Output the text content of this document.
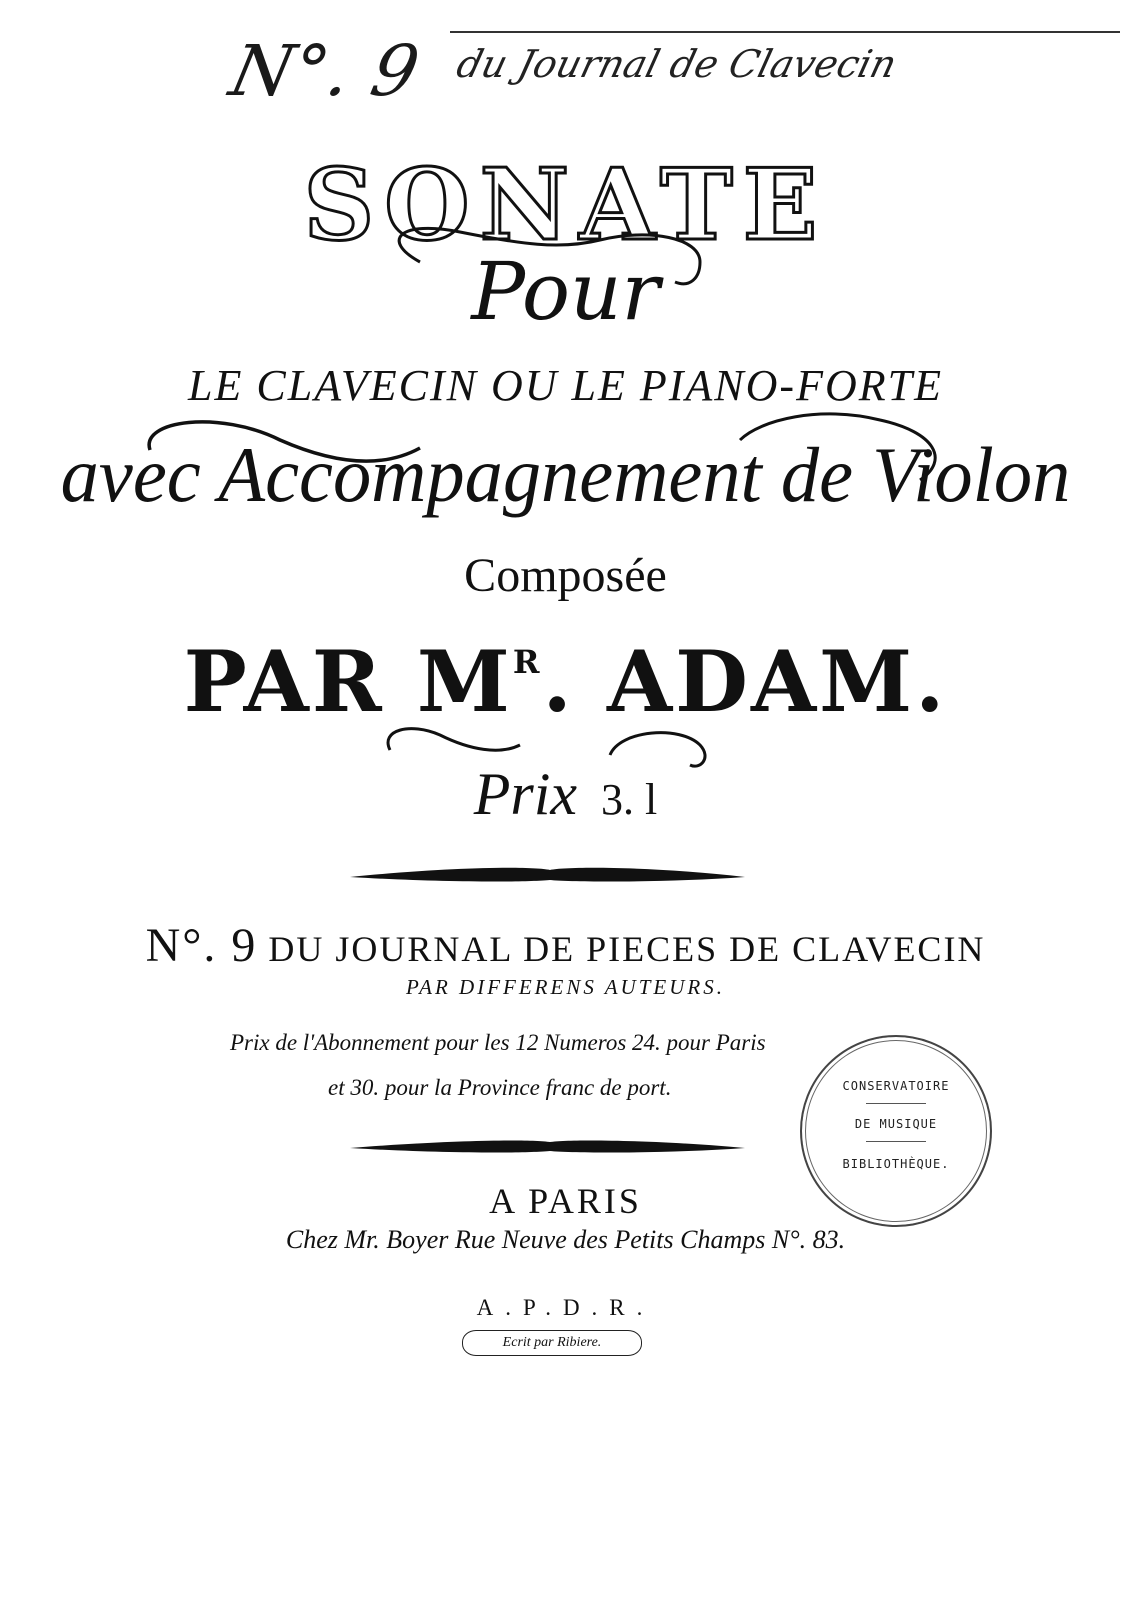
N°. 9 du Journal de Clavecin
SONATE
Pour
LE CLAVECIN OU LE PIANO-FORTE
avec Accompagnement de Violon
Composée
PAR $M^R$. ADAM.
Prix 3. l
N°. 9 DU JOURNAL DE PIECES DE CLAVECIN
PAR DIFFERENS AUTEURS.
Prix de l'Abonnement pour les 12 Numeros 24. pour Paris
et 30. pour la Province franc de port.
A PARIS
Chez Mr. Boyer Rue Neuve des Petits Champs N°. 83.
A.P.D.R.
Ecrit par Ribiere.
CONSERVATOIRE
DE MUSIQUE
BIBLIOTHÈQUE.
